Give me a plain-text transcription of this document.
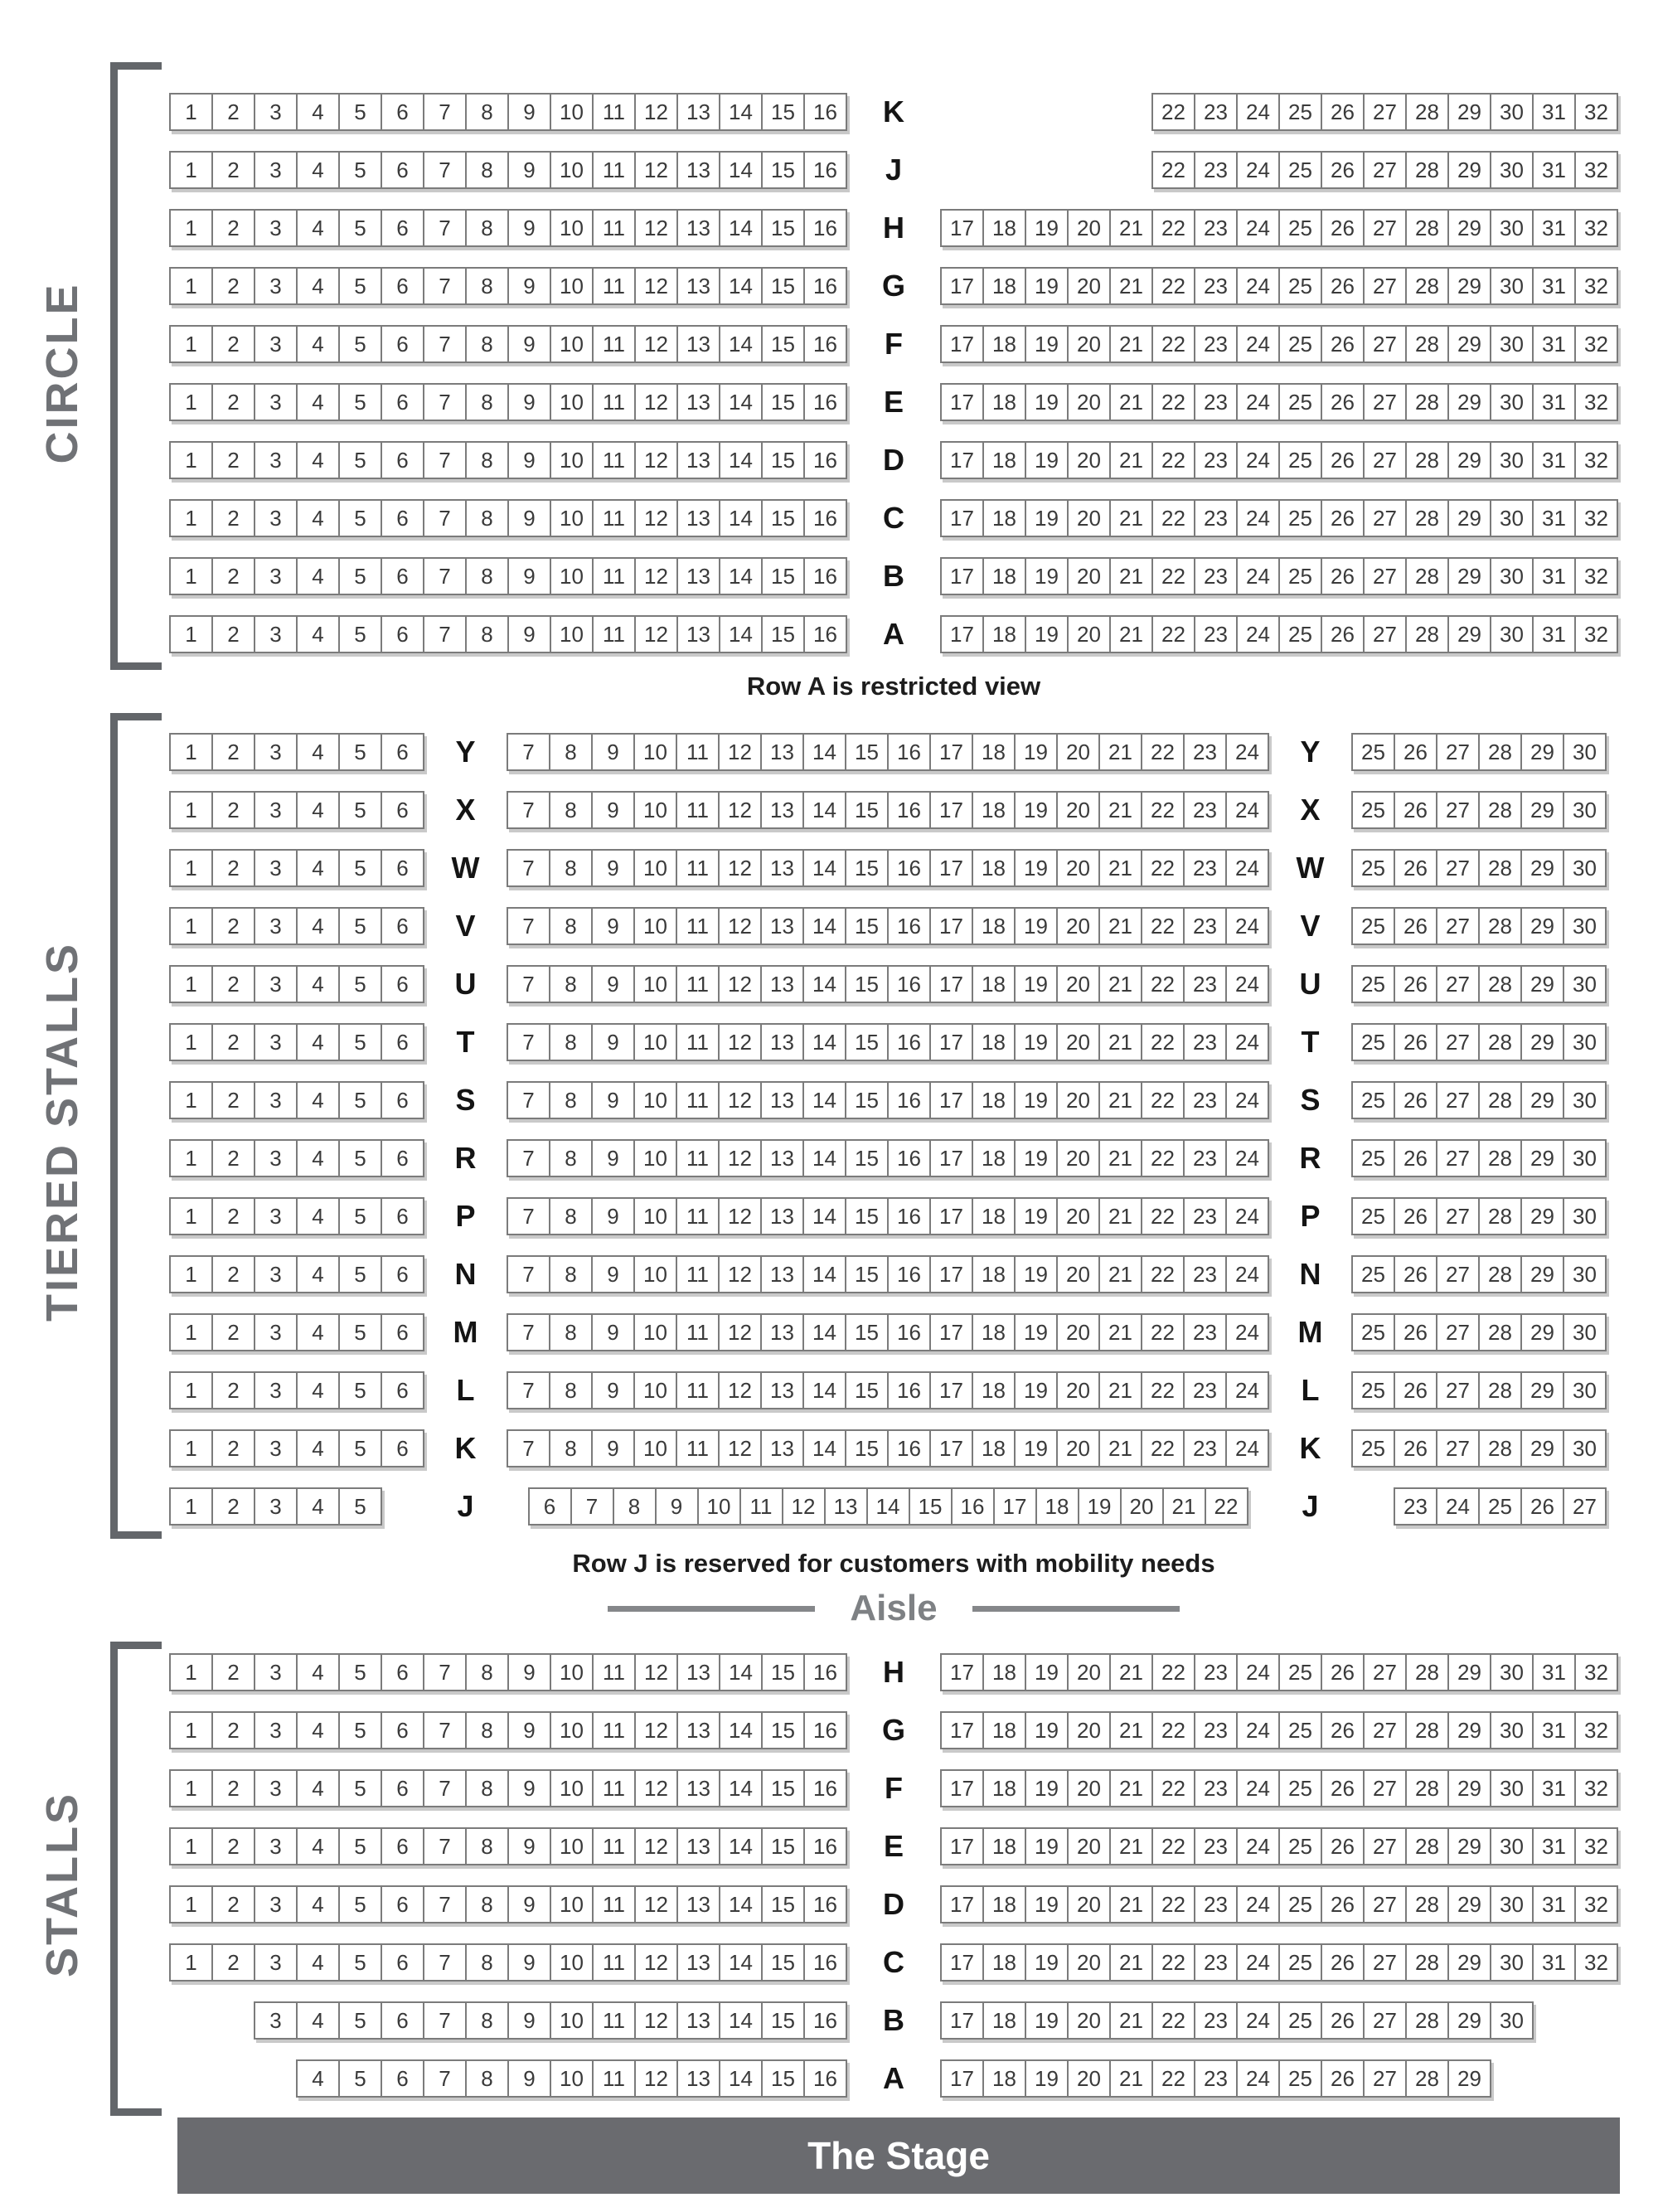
CIRCLE
1	2	3	4	5	6	7	8	9	10 11 12 13 14 15 16	K	22 23 24 25 26 27 28 29 30 31 32
1	2	3	4	5	6	7	8	9	10 11 12 13 14 15 16	J	22 23 24 25 26 27 28 29 30 31 32
1	2	3	4	5	6	7	8	9	10 11 12 13 14 15 16	H	17 18 19 20 21 22 23 24 25 26 27 28 29 30 31 32
1	2	3	4	5	6	7	8	9	10 11 12 13 14 15 16	G	17 18 19 20 21 22 23 24 25 26 27 28 29 30 31 32
1	2	3	4	5	6	7	8	9	10 11 12 13 14 15 16	F	17 18 19 20 21 22 23 24 25 26 27 28 29 30 31 32
1	2	3	4	5	6	7	8	9	10 11 12 13 14 15 16	E	17 18 19 20 21 22 23 24 25 26 27 28 29 30 31 32
1	2	3	4	5	6	7	8	9	10 11 12 13 14 15 16	D	17 18 19 20 21 22 23 24 25 26 27 28 29 30 31 32
1	2	3	4	5	6	7	8	9	10 11 12 13 14 15 16	C	17 18 19 20 21 22 23 24 25 26 27 28 29 30 31 32
1	2	3	4	5	6	7	8	9	10 11 12 13 14 15 16	B	17 18 19 20 21 22 23 24 25 26 27 28 29 30 31 32
1	2	3	4	5	6	7	8	9	10 11 12 13 14 15 16	A	17 18 19 20 21 22 23 24 25 26 27 28 29 30 31 32
Row A is restricted view
TIERED STALLS
1	2	3	4	5	6	Y	7	8	9	10 11 12 13 14 15 16 17 18 19 20 21 22 23 24	Y	25 26 27 28 29 30
1	2	3	4	5	6	X	7	8	9	10 11 12 13 14 15 16 17 18 19 20 21 22 23 24	X	25 26 27 28 29 30
1	2	3	4	5	6	W	7	8	9	10 11 12 13 14 15 16 17 18 19 20 21 22 23 24	W	25 26 27 28 29 30
1	2	3	4	5	6	V	7	8	9	10 11 12 13 14 15 16 17 18 19 20 21 22 23 24	V	25 26 27 28 29 30
1	2	3	4	5	6	U	7	8	9	10 11 12 13 14 15 16 17 18 19 20 21 22 23 24	U	25 26 27 28 29 30
1	2	3	4	5	6	T	7	8	9	10 11 12 13 14 15 16 17 18 19 20 21 22 23 24	T	25 26 27 28 29 30
1	2	3	4	5	6	S	7	8	9	10 11 12 13 14 15 16 17 18 19 20 21 22 23 24	S	25 26 27 28 29 30
1	2	3	4	5	6	R	7	8	9	10 11 12 13 14 15 16 17 18 19 20 21 22 23 24	R	25 26 27 28 29 30
1	2	3	4	5	6	P	7	8	9	10 11 12 13 14 15 16 17 18 19 20 21 22 23 24	P	25 26 27 28 29 30
1	2	3	4	5	6	N	7	8	9	10 11 12 13 14 15 16 17 18 19 20 21 22 23 24	N	25 26 27 28 29 30
1	2	3	4	5	6	M	7	8	9	10 11 12 13 14 15 16 17 18 19 20 21 22 23 24	M	25 26 27 28 29 30
1	2	3	4	5	6	L	7	8	9	10 11 12 13 14 15 16 17 18 19 20 21 22 23 24	L	25 26 27 28 29 30
1	2	3	4	5	6	K	7	8	9	10 11 12 13 14 15 16 17 18 19 20 21 22 23 24	K	25 26 27 28 29 30
1	2	3	4	5	J	6	7	8	9	10 11 12 13 14 15 16 17 18 19 20 21 22	J	23 24 25 26 27
Row J is reserved for customers with mobility needs
Aisle
STALLS
1	2	3	4	5	6	7	8	9	10 11 12 13 14 15 16	H	17 18 19 20 21 22 23 24 25 26 27 28 29 30 31 32
1	2	3	4	5	6	7	8	9	10 11 12 13 14 15 16	G	17 18 19 20 21 22 23 24 25 26 27 28 29 30 31 32
1	2	3	4	5	6	7	8	9	10 11 12 13 14 15 16	F	17 18 19 20 21 22 23 24 25 26 27 28 29 30 31 32
1	2	3	4	5	6	7	8	9	10 11 12 13 14 15 16	E	17 18 19 20 21 22 23 24 25 26 27 28 29 30 31 32
1	2	3	4	5	6	7	8	9	10 11 12 13 14 15 16	D	17 18 19 20 21 22 23 24 25 26 27 28 29 30 31 32
1	2	3	4	5	6	7	8	9	10 11 12 13 14 15 16	C	17 18 19 20 21 22 23 24 25 26 27 28 29 30 31 32
3	4	5	6	7	8	9	10 11 12 13 14 15 16	B	17 18 19 20 21 22 23 24 25 26 27 28 29 30
4	5	6	7	8	9	10 11 12 13 14 15 16	A	17 18 19 20 21 22 23 24 25 26 27 28 29
The Stage
